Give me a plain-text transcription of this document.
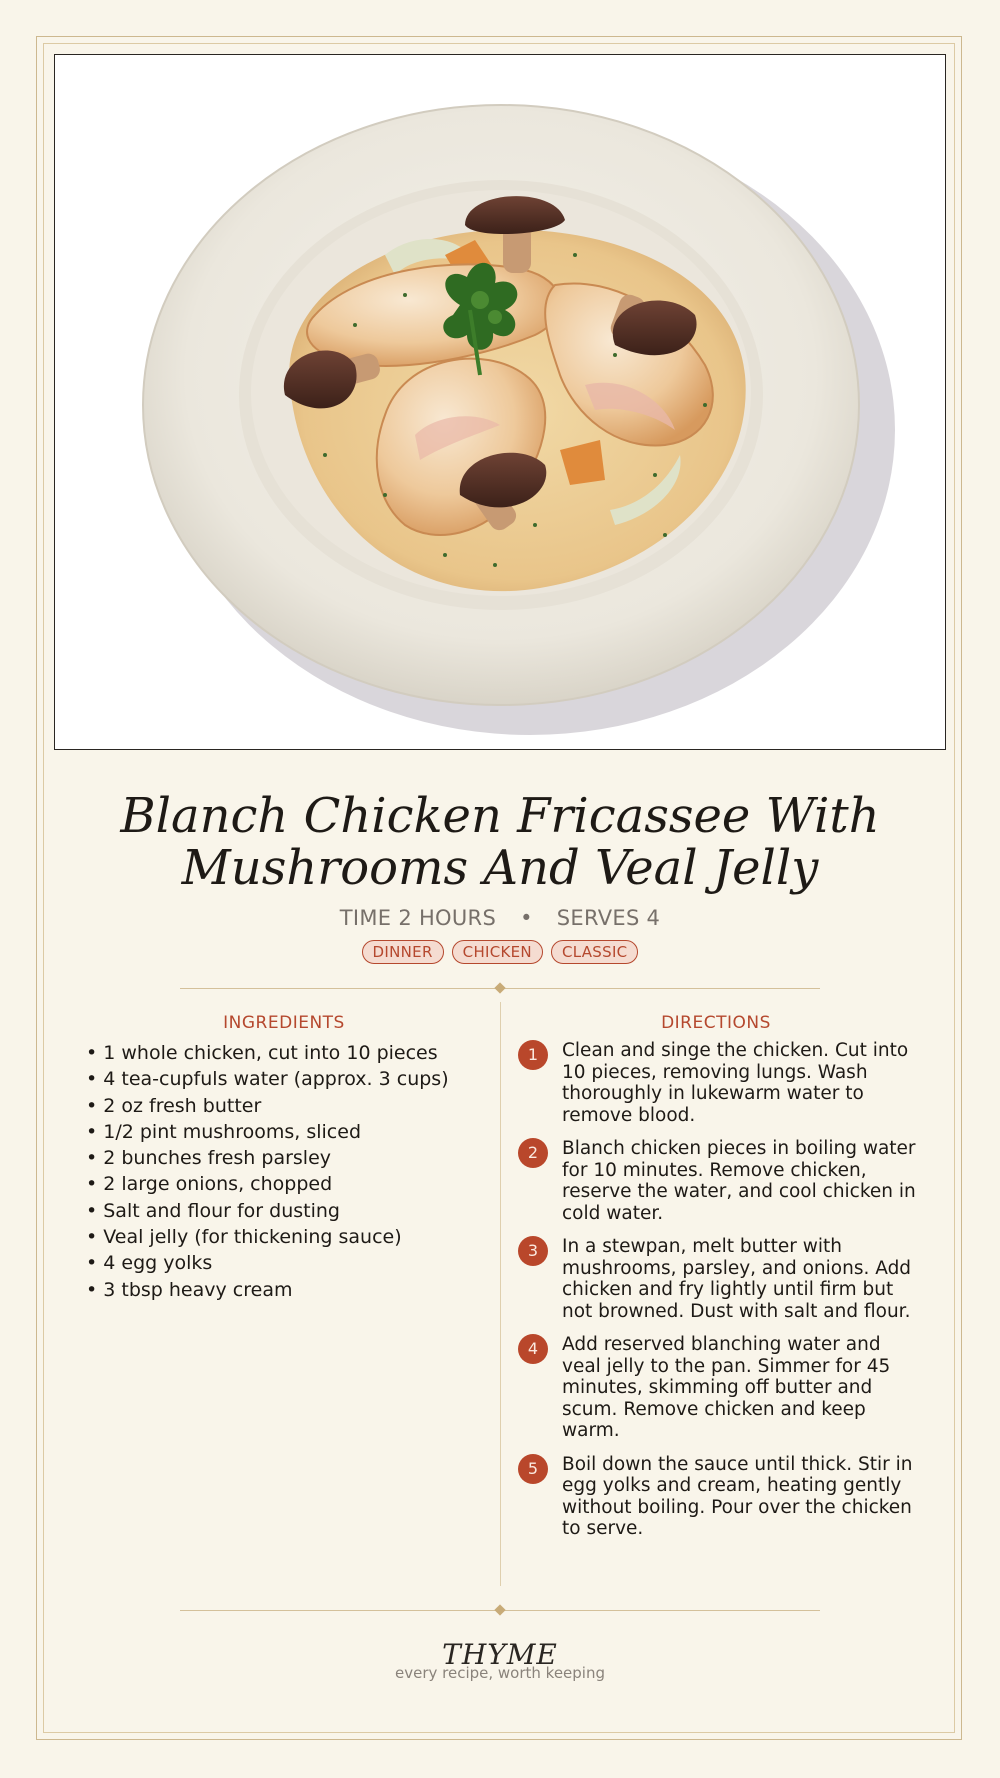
Blanch Chicken Fricassee With
Mushrooms And Veal Jelly
TIME 2 HOURS • SERVES 4
DINNER CHICKEN CLASSIC
INGREDIENTS
• 1 whole chicken, cut into 10 pieces
• 4 tea-cupfuls water (approx. 3 cups)
• 2 oz fresh butter
• 1/2 pint mushrooms, sliced
• 2 bunches fresh parsley
• 2 large onions, chopped
• Salt and flour for dusting
• Veal jelly (for thickening sauce)
• 4 egg yolks
• 3 tbsp heavy cream
DIRECTIONS
1	Clean and singe the chicken. Cut into 10 pieces, removing lungs. Wash thoroughly in lukewarm water to remove blood.
2	Blanch chicken pieces in boiling water for 10 minutes. Remove chicken, reserve the water, and cool chicken in cold water.
3	In a stewpan, melt butter with mushrooms, parsley, and onions. Add chicken and fry lightly until firm but not browned. Dust with salt and flour.
4	Add reserved blanching water and veal jelly to the pan. Simmer for 45 minutes, skimming off butter and scum. Remove chicken and keep warm.
5	Boil down the sauce until thick. Stir in egg yolks and cream, heating gently without boiling. Pour over the chicken to serve.
THYME
every recipe, worth keeping
